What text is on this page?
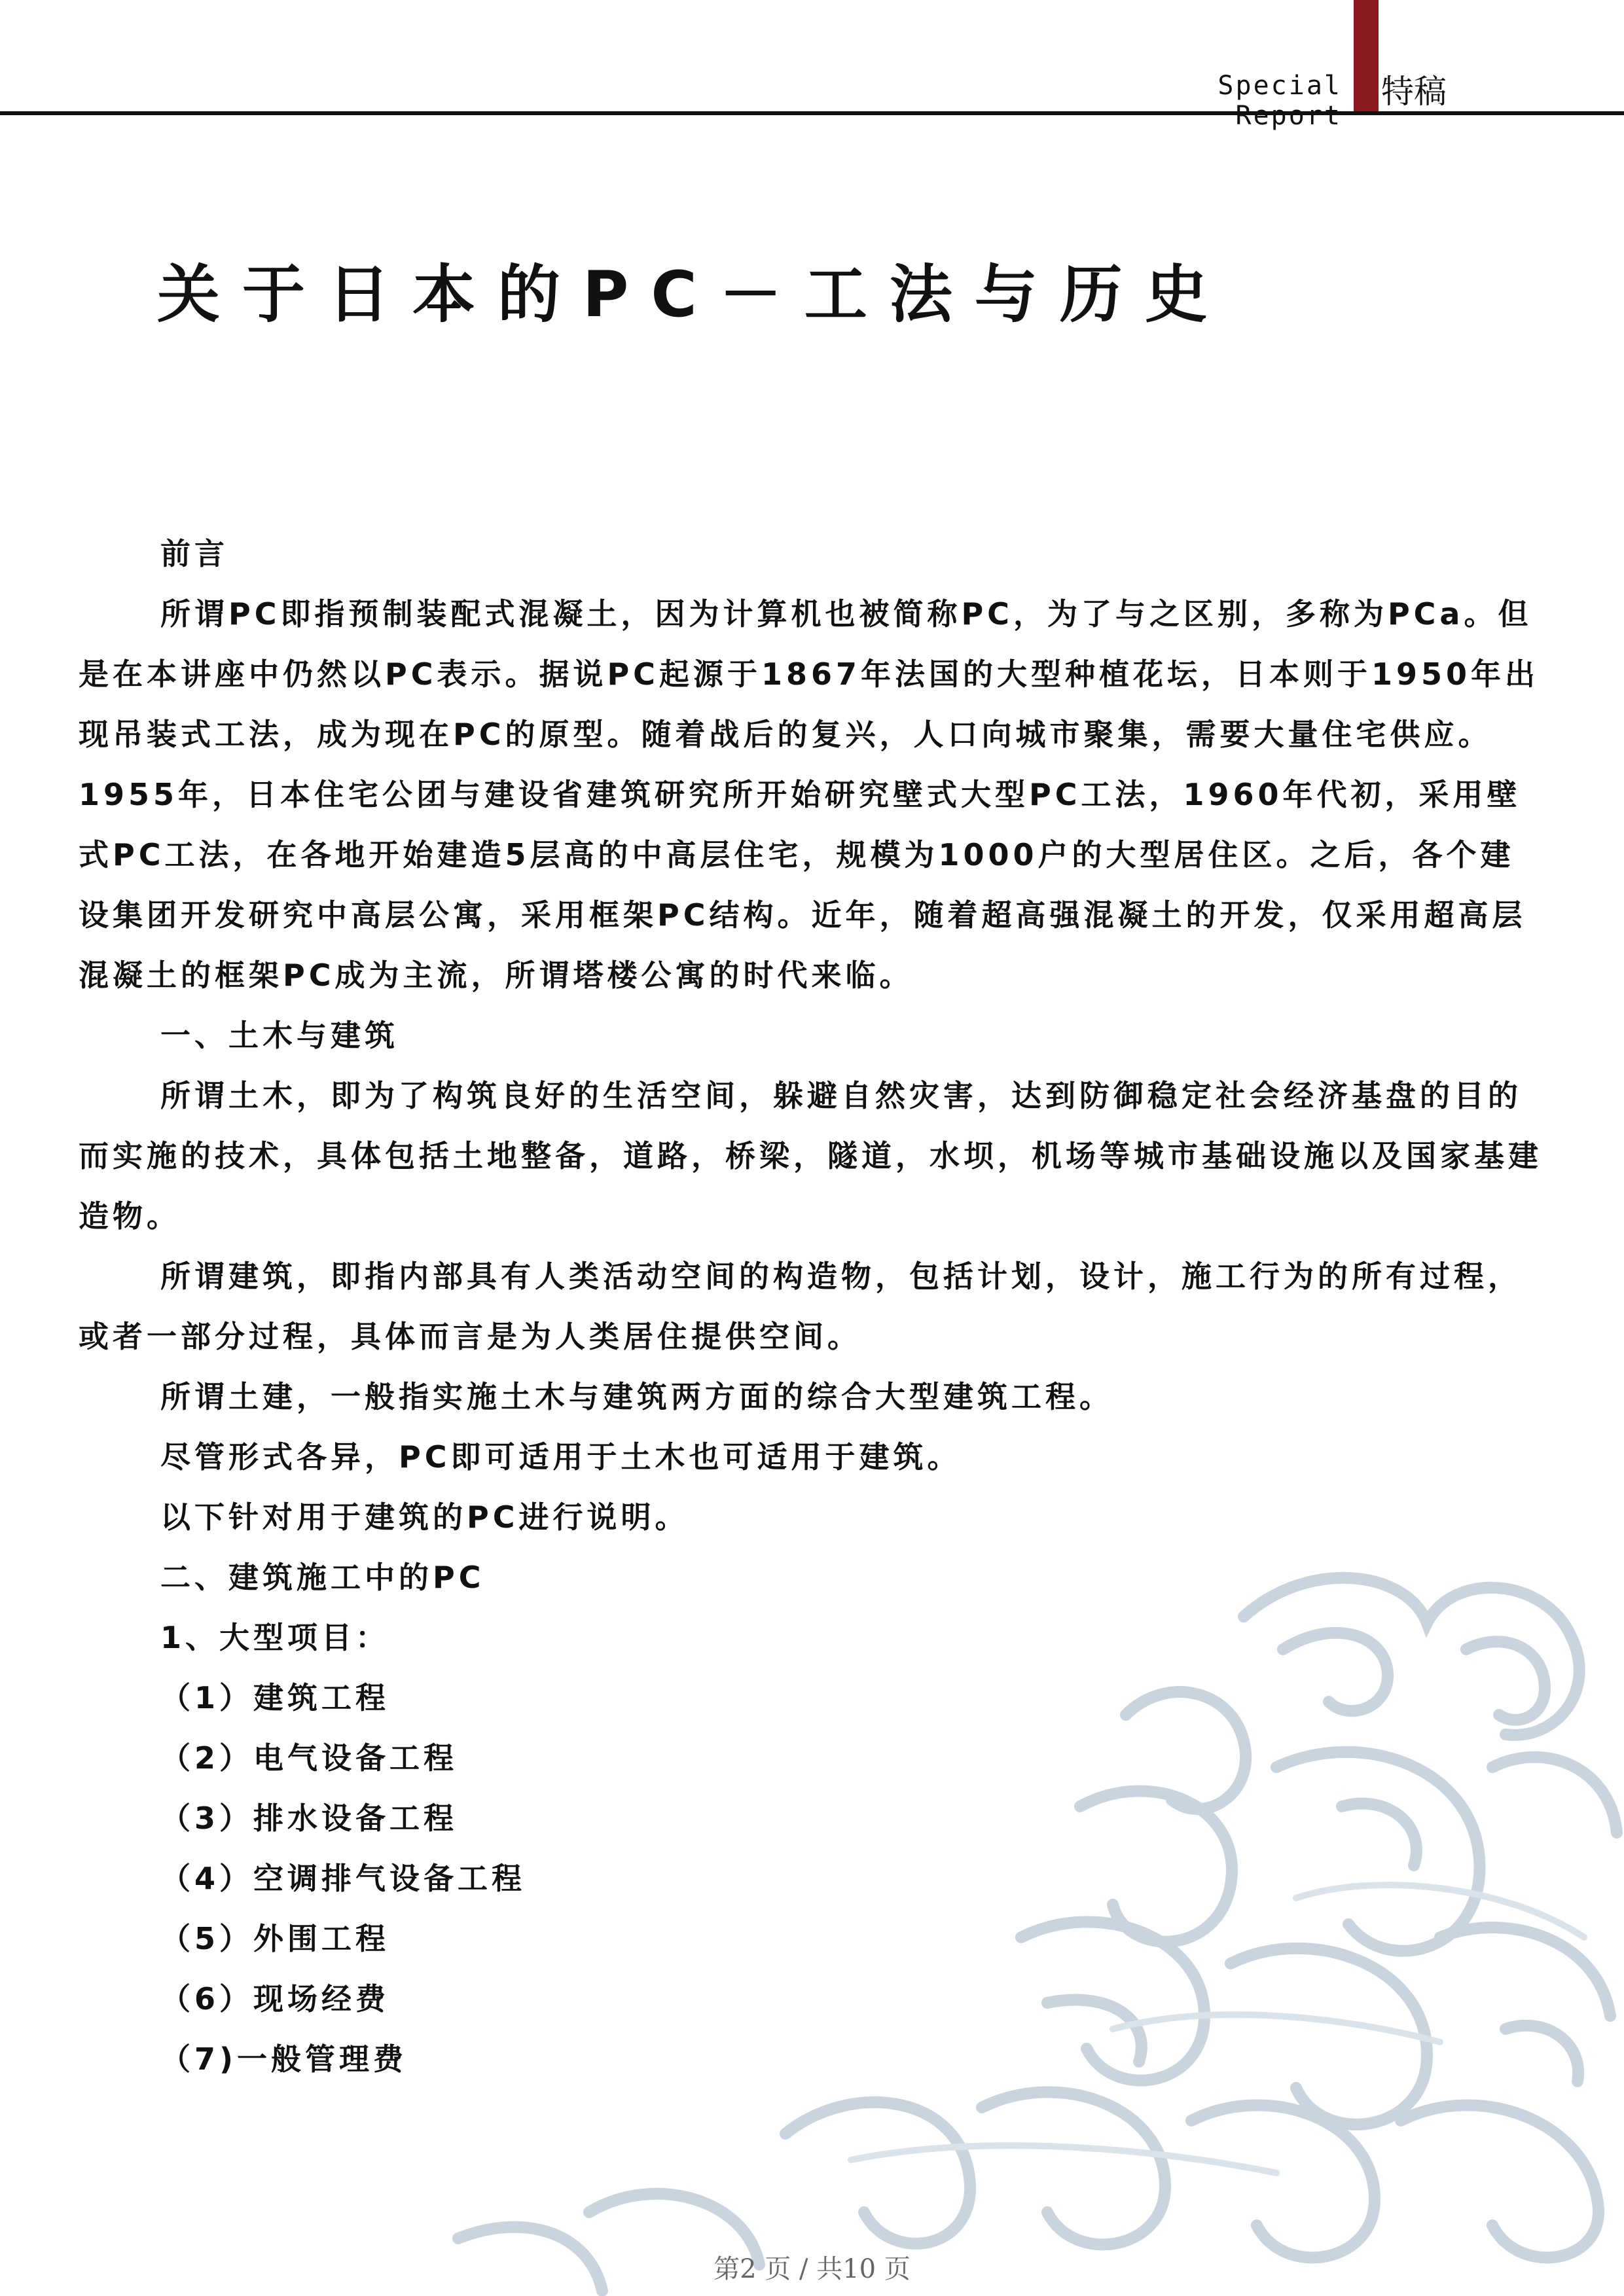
Special Report
特稿
关于日本的PC－工法与历史

前言

所谓PC即指预制装配式混凝土，因为计算机也被简称PC，为了与之区别，多称为PCa。但是在本讲座中仍然以PC表示。据说PC起源于1867年法国的大型种植花坛，日本则于1950年出现吊装式工法，成为现在PC的原型。随着战后的复兴，人口向城市聚集，需要大量住宅供应。1955年，日本住宅公团与建设省建筑研究所开始研究壁式大型PC工法，1960年代初，采用壁式PC工法，在各地开始建造5层高的中高层住宅，规模为1000户的大型居住区。之后，各个建设集团开发研究中高层公寓，采用框架PC结构。近年，随着超高强混凝土的开发，仅采用超高层混凝土的框架PC成为主流，所谓塔楼公寓的时代来临。

一、土木与建筑

所谓土木，即为了构筑良好的生活空间，躲避自然灾害，达到防御稳定社会经济基盘的目的而实施的技术，具体包括土地整备，道路，桥梁，隧道，水坝，机场等城市基础设施以及国家基建造物。

所谓建筑，即指内部具有人类活动空间的构造物，包括计划，设计，施工行为的所有过程，或者一部分过程，具体而言是为人类居住提供空间。

所谓土建，一般指实施土木与建筑两方面的综合大型建筑工程。

尽管形式各异，PC即可适用于土木也可适用于建筑。

以下针对用于建筑的PC进行说明。

二、建筑施工中的PC

1、大型项目：

（1）建筑工程

（2）电气设备工程

（3）排水设备工程

（4）空调排气设备工程

（5）外围工程

（6）现场经费

（7)一般管理费

第2 页 / 共10 页
